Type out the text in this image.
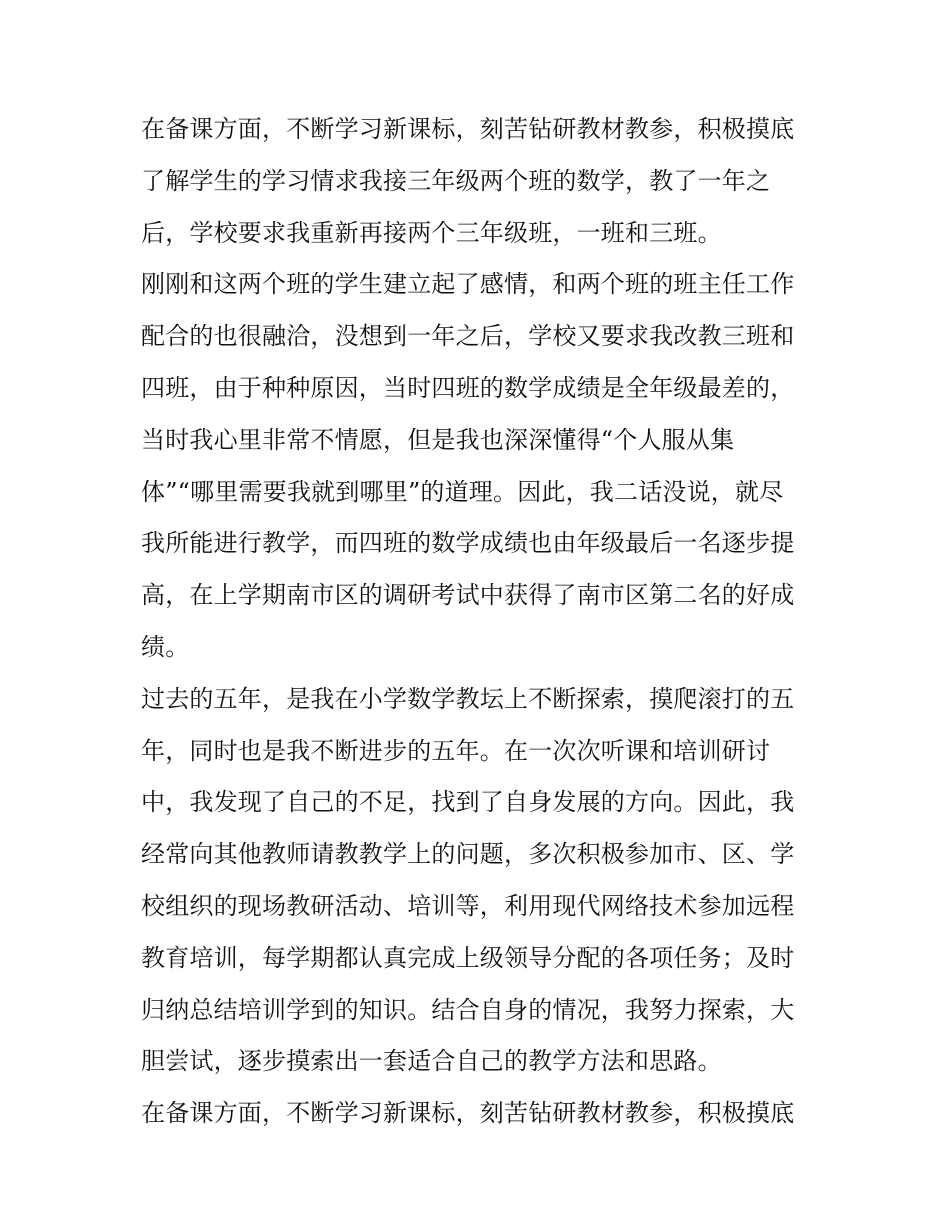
在备课方面，不断学习新课标，刻苦钻研教材教参，积极摸底
了解学生的学习情求我接三年级两个班的数学，教了一年之
后，学校要求我重新再接两个三年级班，一班和三班。
刚刚和这两个班的学生建立起了感情，和两个班的班主任工作
配合的也很融洽，没想到一年之后，学校又要求我改教三班和
四班，由于种种原因，当时四班的数学成绩是全年级最差的，
当时我心里非常不情愿，但是我也深深懂得“个人服从集
体”“哪里需要我就到哪里”的道理。因此，我二话没说，就尽
我所能进行教学，而四班的数学成绩也由年级最后一名逐步提
高，在上学期南市区的调研考试中获得了南市区第二名的好成
绩。
过去的五年，是我在小学数学教坛上不断探索，摸爬滚打的五
年，同时也是我不断进步的五年。在一次次听课和培训研讨
中，我发现了自己的不足，找到了自身发展的方向。因此，我
经常向其他教师请教教学上的问题，多次积极参加市、区、学
校组织的现场教研活动、培训等，利用现代网络技术参加远程
教育培训，每学期都认真完成上级领导分配的各项任务；及时
归纳总结培训学到的知识。结合自身的情况，我努力探索，大
胆尝试，逐步摸索出一套适合自己的教学方法和思路。
在备课方面，不断学习新课标，刻苦钻研教材教参，积极摸底
